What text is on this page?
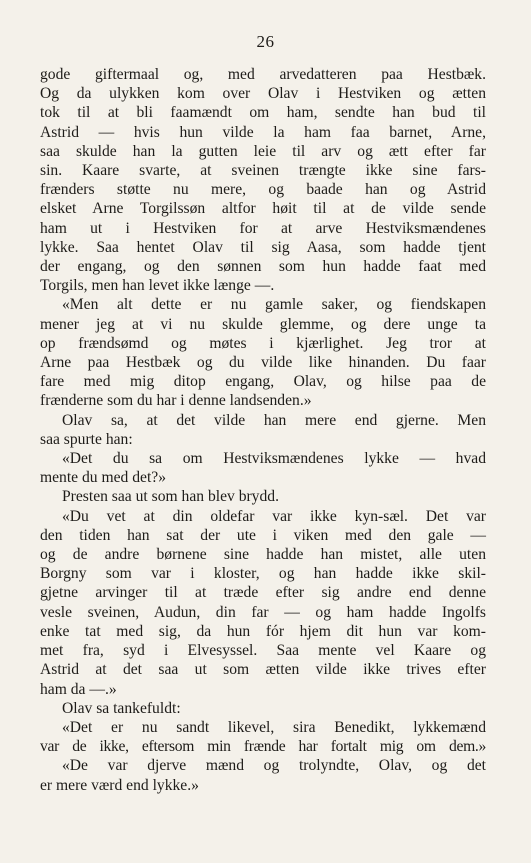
26
gode giftermaal og, med arvedatteren paa Hestbæk.
Og da ulykken kom over Olav i Hestviken og ætten
tok til at bli faamændt om ham, sendte han bud til
Astrid — hvis hun vilde la ham faa barnet, Arne,
saa skulde han la gutten leie til arv og ætt efter far
sin. Kaare svarte, at sveinen trængte ikke sine fars-
frænders støtte nu mere, og baade han og Astrid
elsket Arne Torgilssøn altfor høit til at de vilde sende
ham ut i Hestviken for at arve Hestviksmændenes
lykke. Saa hentet Olav til sig Aasa, som hadde tjent
der engang, og den sønnen som hun hadde faat med
Torgils, men han levet ikke længe —.
«Men alt dette er nu gamle saker, og fiendskapen
mener jeg at vi nu skulde glemme, og dere unge ta
op frændsømd og møtes i kjærlighet. Jeg tror at
Arne paa Hestbæk og du vilde like hinanden. Du faar
fare med mig ditop engang, Olav, og hilse paa de
frænderne som du har i denne landsenden.»
Olav sa, at det vilde han mere end gjerne. Men
saa spurte han:
«Det du sa om Hestviksmændenes lykke — hvad
mente du med det?»
Presten saa ut som han blev brydd.
«Du vet at din oldefar var ikke kyn-sæl. Det var
den tiden han sat der ute i viken med den gale —
og de andre børnene sine hadde han mistet, alle uten
Borgny som var i kloster, og han hadde ikke skil-
gjetne arvinger til at træde efter sig andre end denne
vesle sveinen, Audun, din far — og ham hadde Ingolfs
enke tat med sig, da hun fór hjem dit hun var kom-
met fra, syd i Elvesyssel. Saa mente vel Kaare og
Astrid at det saa ut som ætten vilde ikke trives efter
ham da —.»
Olav sa tankefuldt:
«Det er nu sandt likevel, sira Benedikt, lykkemænd
var de ikke, eftersom min frænde har fortalt mig om dem.»
«De var djerve mænd og trolyndte, Olav, og det
er mere værd end lykke.»
